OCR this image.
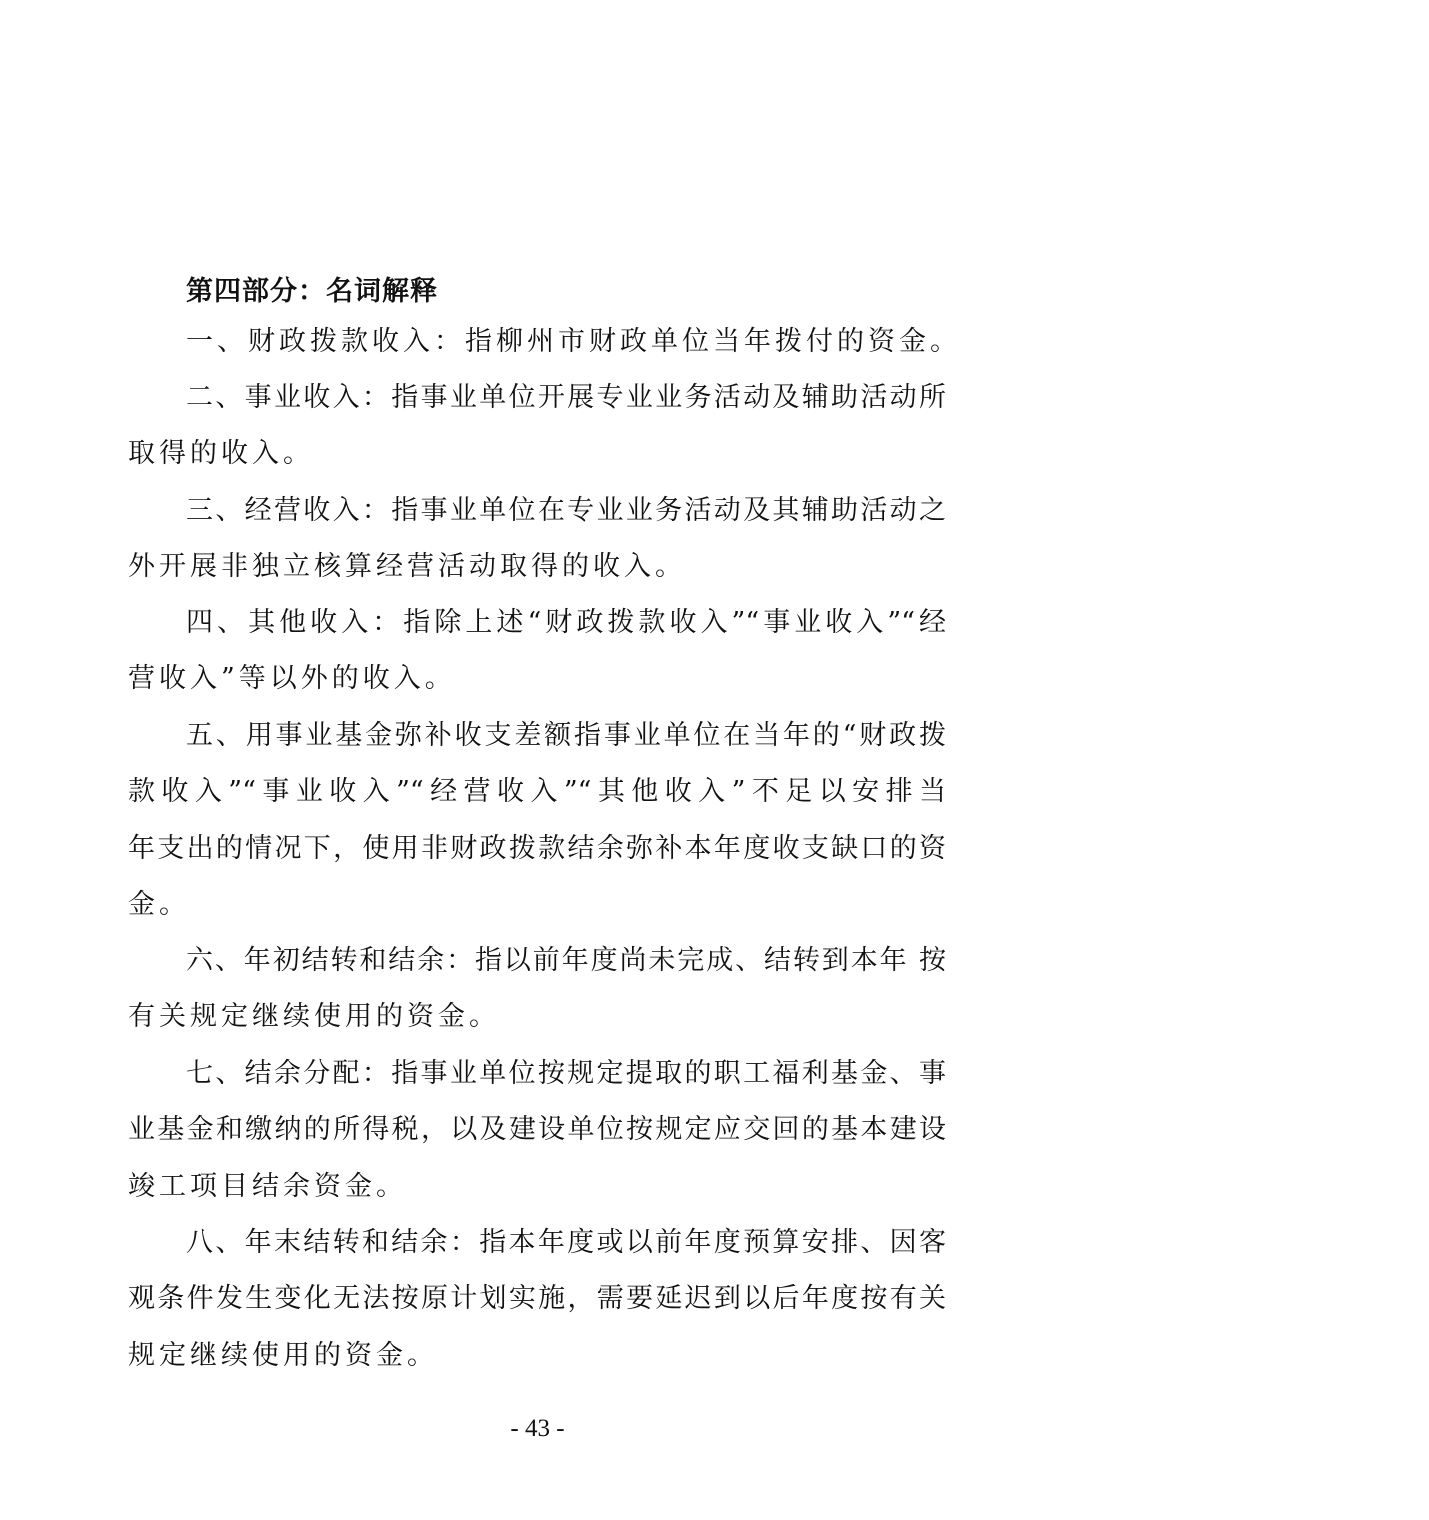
第四部分：名词解释
一、财政拨款收入：指柳州市财政单位当年拨付的资金。
二、事业收入：指事业单位开展专业业务活动及辅助活动所
取得的收入。
三、经营收入：指事业单位在专业业务活动及其辅助活动之
外开展非独立核算经营活动取得的收入。
四、其他收入：指除上述“财政拨款收入”“事业收入”“经
营收入”等以外的收入。
五、用事业基金弥补收支差额指事业单位在当年的“财政拨
款收入”“事业收入”“经营收入”“其他收入”不足以安排当
年支出的情况下，使用非财政拨款结余弥补本年度收支缺口的资
金。
六、年初结转和结余：指以前年度尚未完成、结转到本年 按
有关规定继续使用的资金。
七、结余分配：指事业单位按规定提取的职工福利基金、事
业基金和缴纳的所得税，以及建设单位按规定应交回的基本建设
竣工项目结余资金。
八、年末结转和结余：指本年度或以前年度预算安排、因客
观条件发生变化无法按原计划实施，需要延迟到以后年度按有关
规定继续使用的资金。
- 43 -
